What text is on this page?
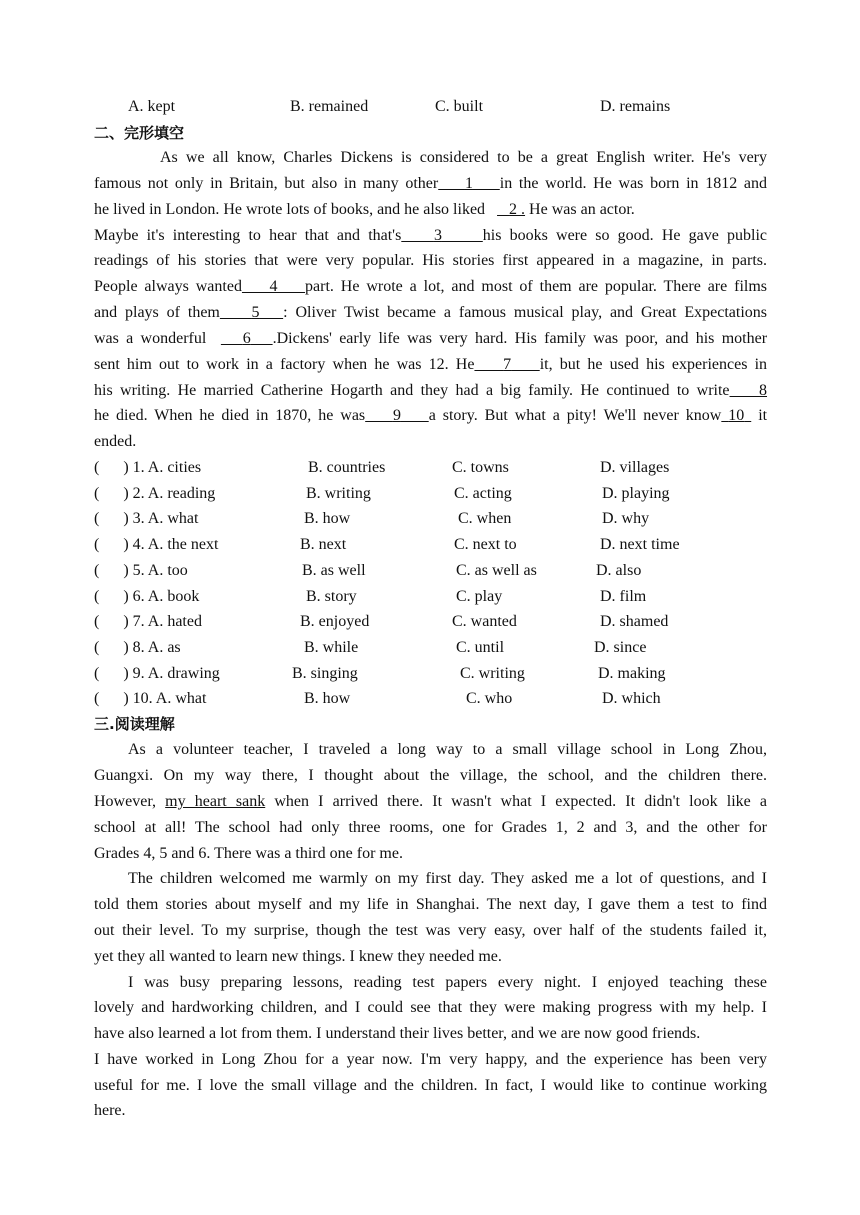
A. kept	B. remained	C. built	D. remains
二、完形填空
As we all know, Charles Dickens is considered to be a great English writer. He's very
famous not only in Britain, but also in many other 1 in the world. He was born in 1812 and
he lived in London. He wrote lots of books, and he also liked 2 . He was an actor.
Maybe it's interesting to hear that and that's 3	his books were so good. He gave public
readings of his stories that were very popular. His stories first appeared in a magazine, in parts.
People always wanted 4 part. He wrote a lot, and most of them are popular. There are films
and plays of them 5 : Oliver Twist became a famous musical play, and Great Expectations
was a wonderful 6 .Dickens' early life was very hard. His family was poor, and his mother
sent him out to work in a factory when he was 12. He 7 it, but he used his experiences in
his writing. He married Catherine Hogarth and they had a big family. He continued to write 8
he died. When he died in 1870, he was 9 a story. But what a pity! We'll never know 10 it
ended.
(      ) 1. A. cities	B. countries	C. towns	D. villages
(      ) 2. A. reading	B. writing	C. acting	D. playing
(      ) 3. A. what	B. how	C. when	D. why
(      ) 4. A. the next	B. next	C. next to	D. next time
(      ) 5. A. too	B. as well	C. as well as	D. also
(      ) 6. A. book	B. story	C. play	D. film
(      ) 7. A. hated	B. enjoyed	C. wanted	D. shamed
(      ) 8. A. as	B. while	C. until	D. since
(      ) 9. A. drawing	B. singing	C. writing	D. making
(      ) 10. A. what	B. how	C. who	D. which
三.阅读理解
As a volunteer teacher, I traveled a long way to a small village school in Long Zhou,
Guangxi. On my way there, I thought about the village, the school, and the children there.
However, my heart sank when I arrived there. It wasn't what I expected. It didn't look like a
school at all! The school had only three rooms, one for Grades 1, 2 and 3, and the other for
Grades 4, 5 and 6. There was a third one for me.
The children welcomed me warmly on my first day. They asked me a lot of questions, and I
told them stories about myself and my life in Shanghai. The next day, I gave them a test to find
out their level. To my surprise, though the test was very easy, over half of the students failed it,
yet they all wanted to learn new things. I knew they needed me.
I was busy preparing lessons, reading test papers every night. I enjoyed teaching these
lovely and hardworking children, and I could see that they were making progress with my help. I
have also learned a lot from them. I understand their lives better, and we are now good friends.
I have worked in Long Zhou for a year now. I'm very happy, and the experience has been very
useful for me. I love the small village and the children. In fact, I would like to continue working
here.
